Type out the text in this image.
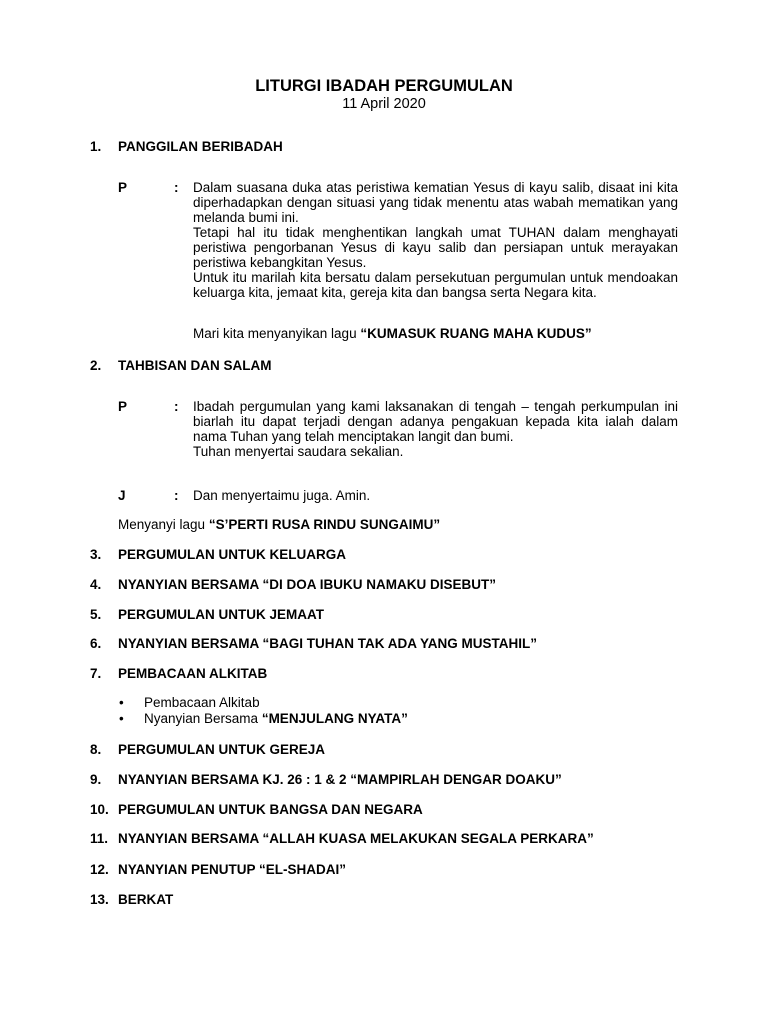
LITURGI IBADAH PERGUMULAN
11 April 2020
1. PANGGILAN BERIBADAH
P	: Dalam suasana duka atas peristiwa kematian Yesus di kayu salib, disaat ini kita diperhadapkan dengan situasi yang tidak menentu atas wabah mematikan yang melanda bumi ini.

Tetapi hal itu tidak menghentikan langkah umat TUHAN dalam menghayati peristiwa pengorbanan Yesus di kayu salib dan persiapan untuk merayakan peristiwa kebangkitan Yesus.

Untuk itu marilah kita bersatu dalam persekutuan pergumulan untuk mendoakan keluarga kita, jemaat kita, gereja kita dan bangsa serta Negara kita.

Mari kita menyanyikan lagu “KUMASUK RUANG MAHA KUDUS”
2. TAHBISAN DAN SALAM
P	: Ibadah pergumulan yang kami laksanakan di tengah – tengah perkumpulan ini biarlah itu dapat terjadi dengan adanya pengakuan kepada kita ialah dalam nama Tuhan yang telah menciptakan langit dan bumi.

Tuhan menyertai saudara sekalian.

J	: Dan menyertaimu juga. Amin.
Menyanyi lagu “S’PERTI RUSA RINDU SUNGAIMU”
3. PERGUMULAN UNTUK KELUARGA
4. NYANYIAN BERSAMA “DI DOA IBUKU NAMAKU DISEBUT”
5. PERGUMULAN UNTUK JEMAAT
6. NYANYIAN BERSAMA “BAGI TUHAN TAK ADA YANG MUSTAHIL”
7. PEMBACAAN ALKITAB
• Pembacaan Alkitab
• Nyanyian Bersama “MENJULANG NYATA”
8. PERGUMULAN UNTUK GEREJA
9. NYANYIAN BERSAMA KJ. 26 : 1 & 2 “MAMPIRLAH DENGAR DOAKU”
10. PERGUMULAN UNTUK BANGSA DAN NEGARA
11. NYANYIAN BERSAMA “ALLAH KUASA MELAKUKAN SEGALA PERKARA”
12. NYANYIAN PENUTUP “EL-SHADAI”
13. BERKAT
